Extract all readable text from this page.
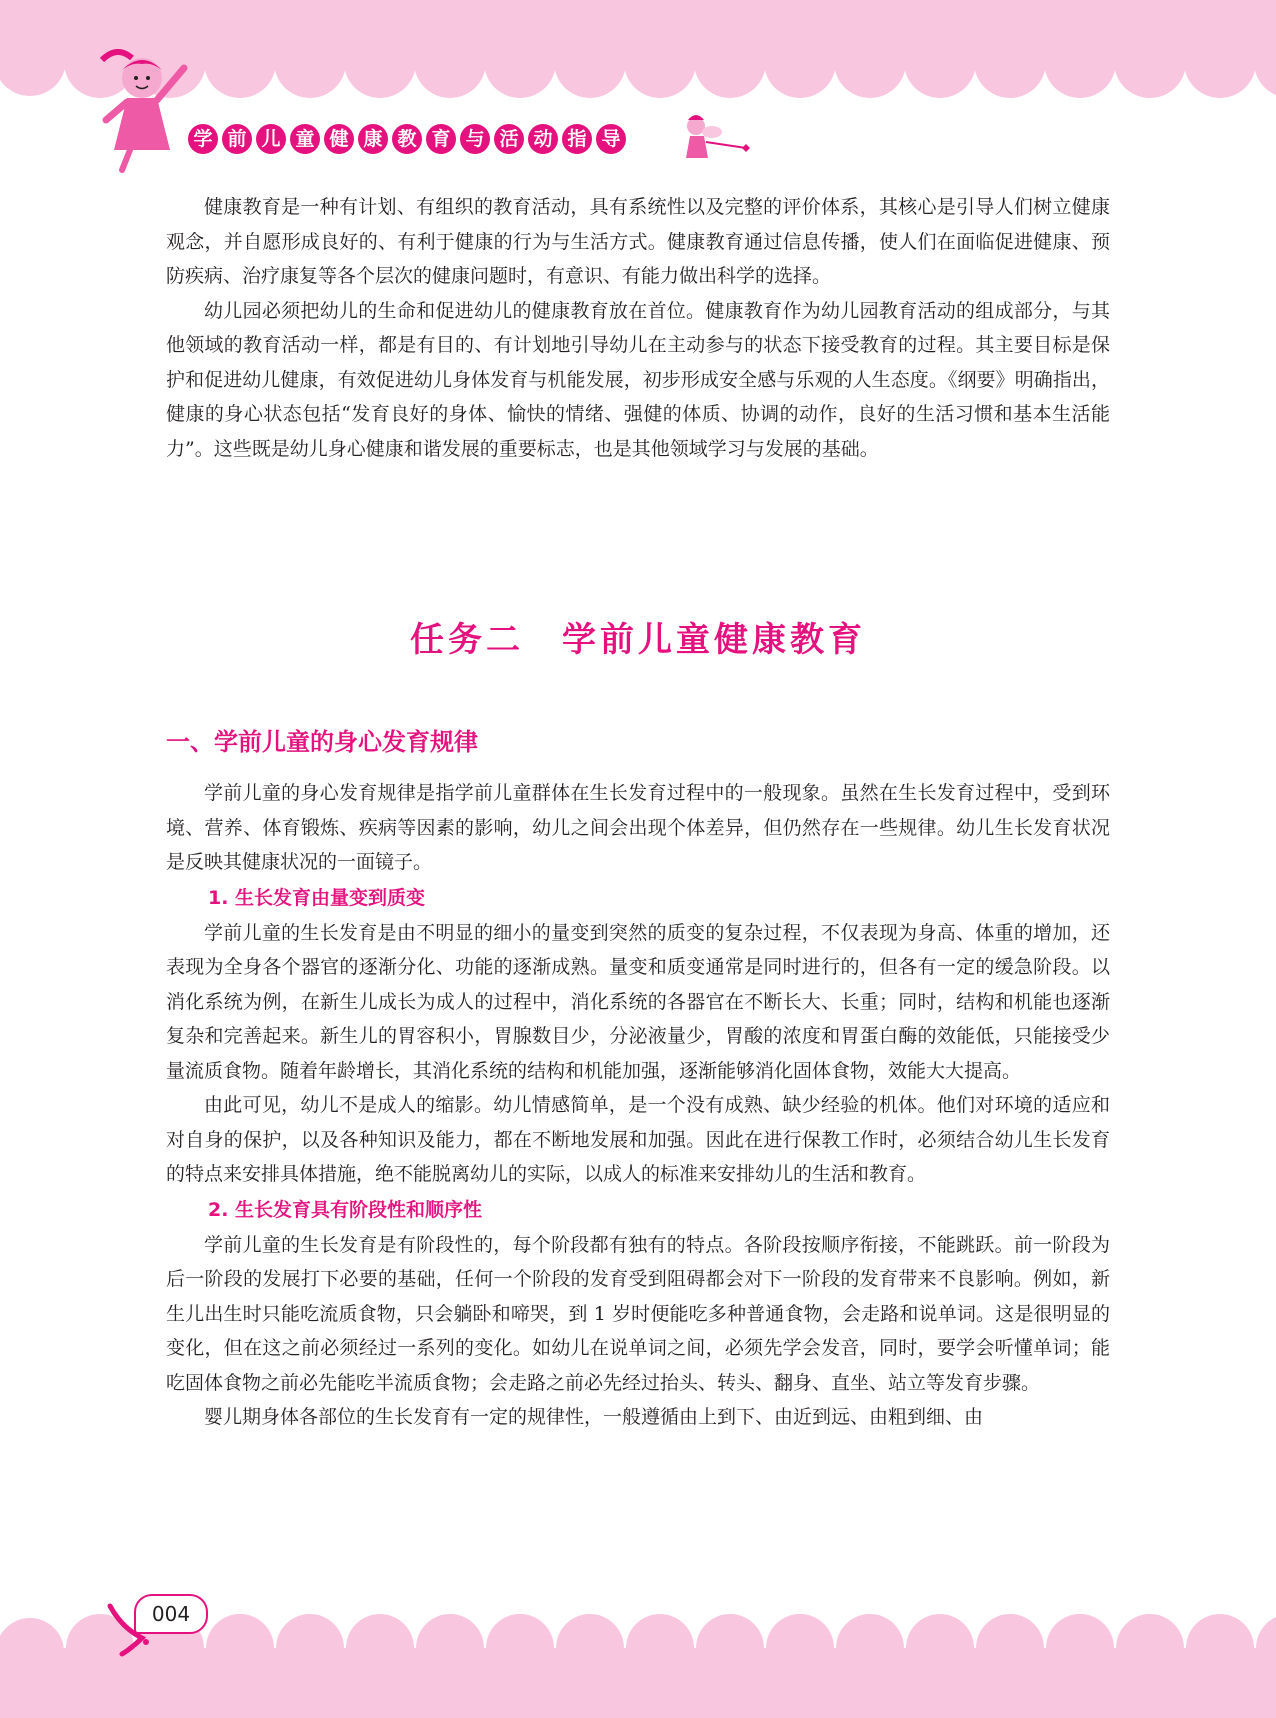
学 前 儿 童 健 康 教 育 与 活 动 指 导

健康教育是一种有计划、有组织的教育活动，具有系统性以及完整的评价体系，其核心是引导人们树立健康观念，并自愿形成良好的、有利于健康的行为与生活方式。健康教育通过信息传播，使人们在面临促进健康、预防疾病、治疗康复等各个层次的健康问题时，有意识、有能力做出科学的选择。

幼儿园必须把幼儿的生命和促进幼儿的健康教育放在首位。健康教育作为幼儿园教育活动的组成部分，与其他领域的教育活动一样，都是有目的、有计划地引导幼儿在主动参与的状态下接受教育的过程。其主要目标是保护和促进幼儿健康，有效促进幼儿身体发育与机能发展，初步形成安全感与乐观的人生态度。《纲要》明确指出，健康的身心状态包括“发育良好的身体、愉快的情绪、强健的体质、协调的动作，良好的生活习惯和基本生活能力”。这些既是幼儿身心健康和谐发展的重要标志，也是其他领域学习与发展的基础。

任务二　学前儿童健康教育
一、学前儿童的身心发育规律

学前儿童的身心发育规律是指学前儿童群体在生长发育过程中的一般现象。虽然在生长发育过程中，受到环境、营养、体育锻炼、疾病等因素的影响，幼儿之间会出现个体差异，但仍然存在一些规律。幼儿生长发育状况是反映其健康状况的一面镜子。

1. 生长发育由量变到质变

学前儿童的生长发育是由不明显的细小的量变到突然的质变的复杂过程，不仅表现为身高、体重的增加，还表现为全身各个器官的逐渐分化、功能的逐渐成熟。量变和质变通常是同时进行的，但各有一定的缓急阶段。以消化系统为例，在新生儿成长为成人的过程中，消化系统的各器官在不断长大、长重；同时，结构和机能也逐渐复杂和完善起来。新生儿的胃容积小，胃腺数目少，分泌液量少，胃酸的浓度和胃蛋白酶的效能低，只能接受少量流质食物。随着年龄增长，其消化系统的结构和机能加强，逐渐能够消化固体食物，效能大大提高。

由此可见，幼儿不是成人的缩影。幼儿情感简单，是一个没有成熟、缺少经验的机体。他们对环境的适应和对自身的保护，以及各种知识及能力，都在不断地发展和加强。因此在进行保教工作时，必须结合幼儿生长发育的特点来安排具体措施，绝不能脱离幼儿的实际，以成人的标准来安排幼儿的生活和教育。

2. 生长发育具有阶段性和顺序性

学前儿童的生长发育是有阶段性的，每个阶段都有独有的特点。各阶段按顺序衔接，不能跳跃。前一阶段为后一阶段的发展打下必要的基础，任何一个阶段的发育受到阻碍都会对下一阶段的发育带来不良影响。例如，新生儿出生时只能吃流质食物，只会躺卧和啼哭，到 1 岁时便能吃多种普通食物，会走路和说单词。这是很明显的变化，但在这之前必须经过一系列的变化。如幼儿在说单词之间，必须先学会发音，同时，要学会听懂单词；能吃固体食物之前必先能吃半流质食物；会走路之前必先经过抬头、转头、翻身、直坐、站立等发育步骤。

婴儿期身体各部位的生长发育有一定的规律性，一般遵循由上到下、由近到远、由粗到细、由

004
